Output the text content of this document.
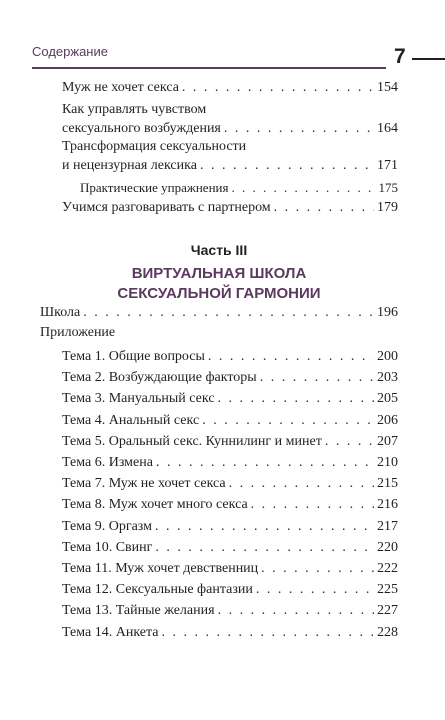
Содержание	7
Муж не хочет секса . . .	154
Как управлять чувством
сексуального возбуждения . . .	164
Трансформация сексуальности
и нецензурная лексика . . .	171
Практические упражнения . . .	175
Учимся разговаривать с партнером . . .	179
Часть III
ВИРТУАЛЬНАЯ ШКОЛА
СЕКСУАЛЬНОЙ ГАРМОНИИ
Школа . . .	196
Приложение
Тема 1. Общие вопросы . . .	200
Тема 2. Возбуждающие факторы . . .	203
Тема 3. Мануальный секс . . .	205
Тема 4. Анальный секс . . .	206
Тема 5. Оральный секс. Куннилинг и минет . . .	207
Тема 6. Измена . . .	210
Тема 7. Муж не хочет секса . . .	215
Тема 8. Муж хочет много секса . . .	216
Тема 9. Оргазм . . .	217
Тема 10. Свинг . . .	220
Тема 11. Муж хочет девственниц . . .	222
Тема 12. Сексуальные фантазии . . .	225
Тема 13. Тайные желания . . .	227
Тема 14. Анкета . . .	228
